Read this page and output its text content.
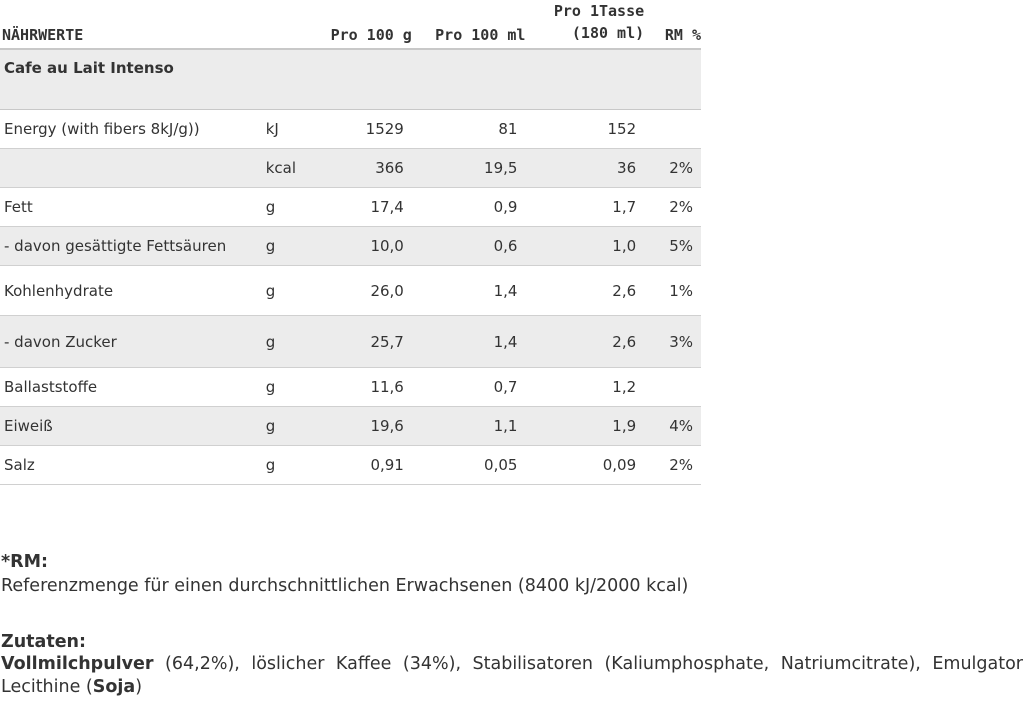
NÄHRWERTE		Pro 100 g	Pro 100 ml	Pro 1Tasse
(180 ml)	RM %
Cafe au Lait Intenso					
Energy (with fibers 8kJ/g))	kJ	1529	81	152	
	kcal	366	19,5	36	2%
Fett	g	17,4	0,9	1,7	2%
- davon gesättigte Fettsäuren	g	10,0	0,6	1,0	5%
Kohlenhydrate	g	26,0	1,4	2,6	1%
- davon Zucker	g	25,7	1,4	2,6	3%
Ballaststoffe	g	11,6	0,7	1,2	
Eiweiß	g	19,6	1,1	1,9	4%
Salz	g	0,91	0,05	0,09	2%
*RM:
Referenzmenge für einen durchschnittlichen Erwachsenen (8400 kJ/2000 kcal)
Zutaten:
Vollmilchpulver (64,2%), löslicher Kaffee (34%), Stabilisatoren (Kaliumphosphate, Natriumcitrate), Emulgator Lecithine (Soja)
